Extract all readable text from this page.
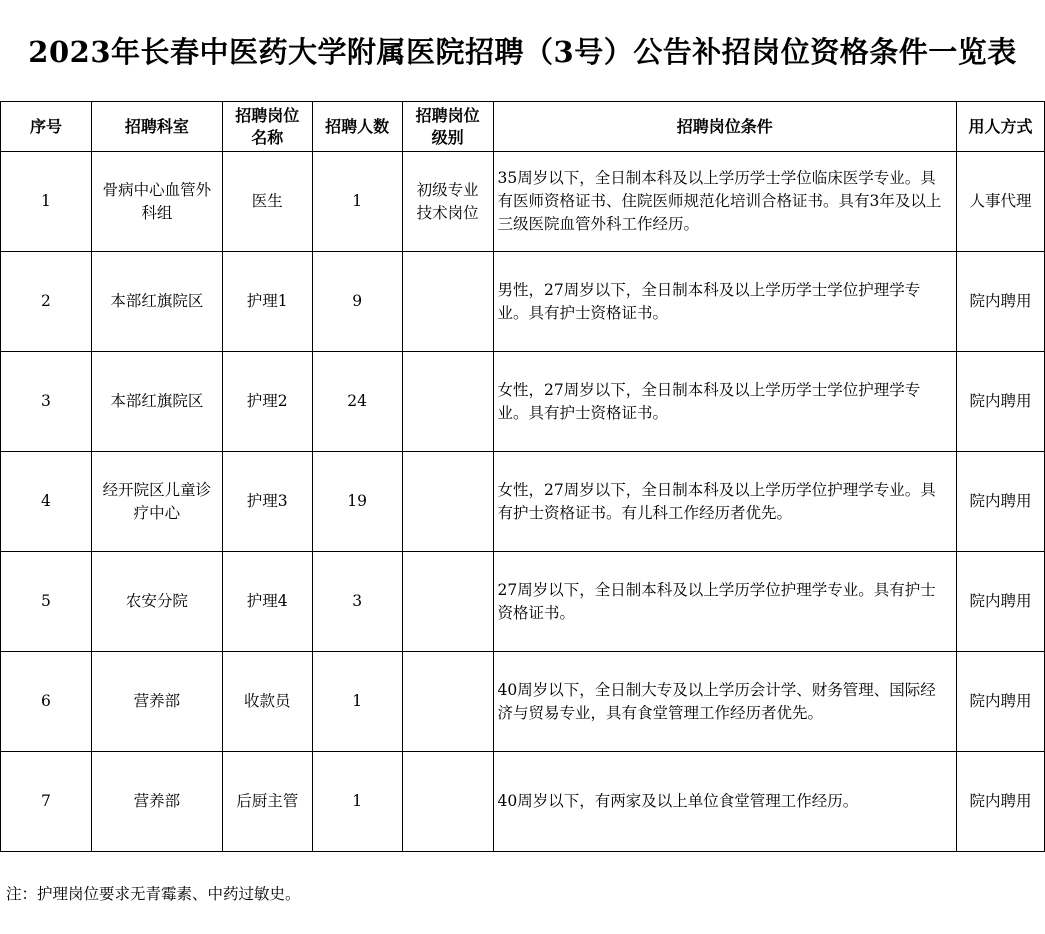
2023年长春中医药大学附属医院招聘（3号）公告补招岗位资格条件一览表
序号	招聘科室	招聘岗位名称	招聘人数	招聘岗位级别	招聘岗位条件	用人方式
1	骨病中心血管外科组	医生	1	初级专业技术岗位	35周岁以下，全日制本科及以上学历学士学位临床医学专业。具有医师资格证书、住院医师规范化培训合格证书。具有3年及以上三级医院血管外科工作经历。	人事代理
2	本部红旗院区	护理1	9		男性，27周岁以下，全日制本科及以上学历学士学位护理学专业。具有护士资格证书。	院内聘用
3	本部红旗院区	护理2	24		女性，27周岁以下，全日制本科及以上学历学士学位护理学专业。具有护士资格证书。	院内聘用
4	经开院区儿童诊疗中心	护理3	19		女性，27周岁以下，全日制本科及以上学历学位护理学专业。具有护士资格证书。有儿科工作经历者优先。	院内聘用
5	农安分院	护理4	3		27周岁以下，全日制本科及以上学历学位护理学专业。具有护士资格证书。	院内聘用
6	营养部	收款员	1		40周岁以下，全日制大专及以上学历会计学、财务管理、国际经济与贸易专业，具有食堂管理工作经历者优先。	院内聘用
7	营养部	后厨主管	1		40周岁以下，有两家及以上单位食堂管理工作经历。	院内聘用
注：护理岗位要求无青霉素、中药过敏史。
